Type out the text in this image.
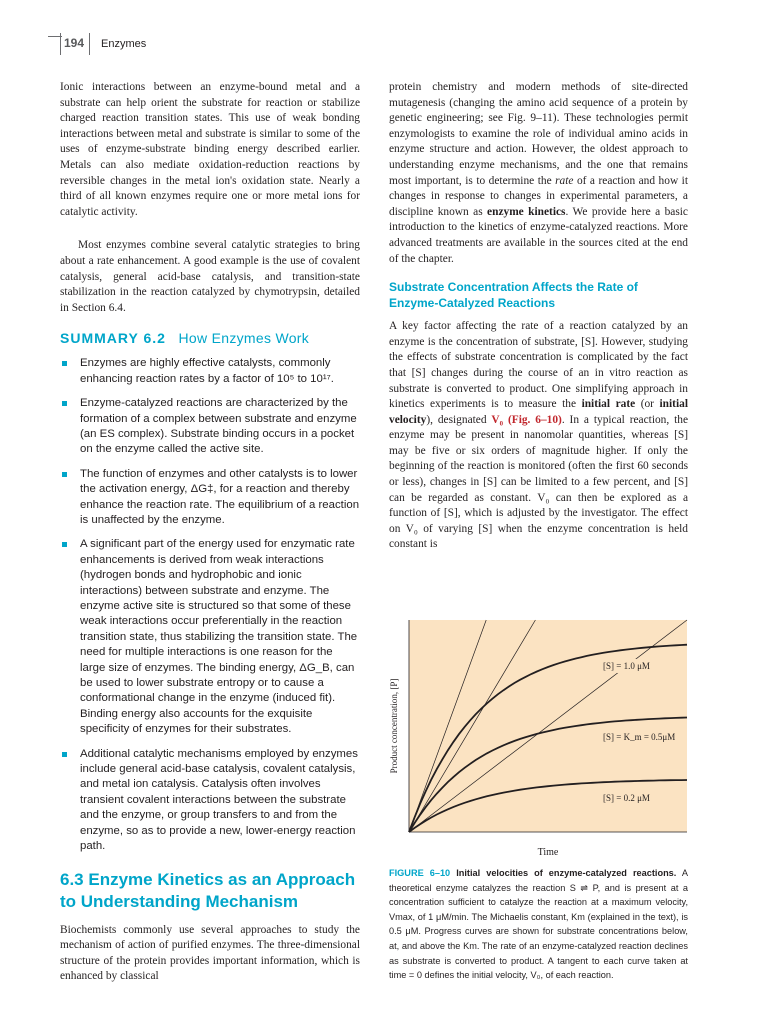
194 Enzymes

Ionic interactions between an enzyme-bound metal and a substrate can help orient the substrate for reaction or stabilize charged reaction transition states. This use of weak bonding interactions between metal and substrate is similar to some of the uses of enzyme-substrate binding energy described earlier. Metals can also mediate oxidation-reduction reactions by reversible changes in the metal ion's oxidation state. Nearly a third of all known enzymes require one or more metal ions for catalytic activity.

Most enzymes combine several catalytic strategies to bring about a rate enhancement. A good example is the use of covalent catalysis, general acid-base catalysis, and transition-state stabilization in the reaction catalyzed by chymotrypsin, detailed in Section 6.4.

SUMMARY 6.2 How Enzymes Work
Enzymes are highly effective catalysts, commonly enhancing reaction rates by a factor of 10⁵ to 10¹⁷.
Enzyme-catalyzed reactions are characterized by the formation of a complex between substrate and enzyme (an ES complex). Substrate binding occurs in a pocket on the enzyme called the active site.
The function of enzymes and other catalysts is to lower the activation energy, ΔG‡, for a reaction and thereby enhance the reaction rate. The equilibrium of a reaction is unaffected by the enzyme.
A significant part of the energy used for enzymatic rate enhancements is derived from weak interactions (hydrogen bonds and hydrophobic and ionic interactions) between substrate and enzyme. The enzyme active site is structured so that some of these weak interactions occur preferentially in the reaction transition state, thus stabilizing the transition state. The need for multiple interactions is one reason for the large size of enzymes. The binding energy, ΔG_B, can be used to lower substrate entropy or to cause a conformational change in the enzyme (induced fit). Binding energy also accounts for the exquisite specificity of enzymes for their substrates.
Additional catalytic mechanisms employed by enzymes include general acid-base catalysis, covalent catalysis, and metal ion catalysis. Catalysis often involves transient covalent interactions between the substrate and the enzyme, or group transfers to and from the enzyme, so as to provide a new, lower-energy reaction path.
6.3 Enzyme Kinetics as an Approach to Understanding Mechanism

Biochemists commonly use several approaches to study the mechanism of action of purified enzymes. The three-dimensional structure of the protein provides important information, which is enhanced by classical

protein chemistry and modern methods of site-directed mutagenesis (changing the amino acid sequence of a protein by genetic engineering; see Fig. 9–11). These technologies permit enzymologists to examine the role of individual amino acids in enzyme structure and action. However, the oldest approach to understanding enzyme mechanisms, and the one that remains most important, is to determine the rate of a reaction and how it changes in response to changes in experimental parameters, a discipline known as enzyme kinetics. We provide here a basic introduction to the kinetics of enzyme-catalyzed reactions. More advanced treatments are available in the sources cited at the end of the chapter.

Substrate Concentration Affects the Rate of Enzyme-Catalyzed Reactions

A key factor affecting the rate of a reaction catalyzed by an enzyme is the concentration of substrate, [S]. However, studying the effects of substrate concentration is complicated by the fact that [S] changes during the course of an in vitro reaction as substrate is converted to product. One simplifying approach in kinetics experiments is to measure the initial rate (or initial velocity), designated V₀ (Fig. 6–10). In a typical reaction, the enzyme may be present in nanomolar quantities, whereas [S] may be five or six orders of magnitude higher. If only the beginning of the reaction is monitored (often the first 60 seconds or less), changes in [S] can be limited to a few percent, and [S] can be regarded as constant. V₀ can then be explored as a function of [S], which is adjusted by the investigator. The effect on V₀ of varying [S] when the enzyme concentration is held constant is

[S] = 1.0 μM
[S] = K_m = 0.5μM
[S] = 0.2 μM
Time
Product concentration, [P]
FIGURE 6–10 Initial velocities of enzyme-catalyzed reactions. A theoretical enzyme catalyzes the reaction S ⇌ P, and is present at a concentration sufficient to catalyze the reaction at a maximum velocity, Vmax, of 1 μM/min. The Michaelis constant, Km (explained in the text), is 0.5 μM. Progress curves are shown for substrate concentrations below, at, and above the Km. The rate of an enzyme-catalyzed reaction declines as substrate is converted to product. A tangent to each curve taken at time = 0 defines the initial velocity, V₀, of each reaction.
